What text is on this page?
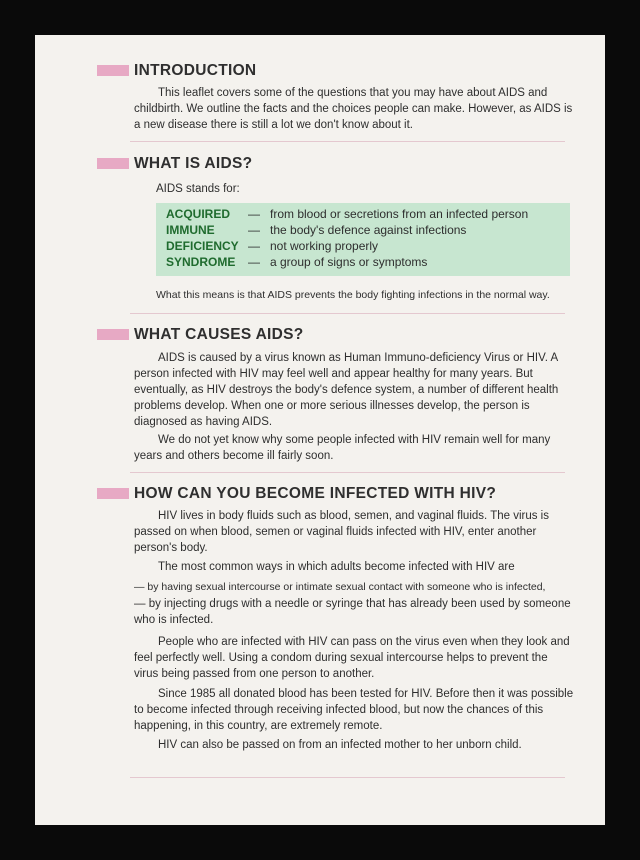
INTRODUCTION

This leaflet covers some of the questions that you may have about AIDS and childbirth. We outline the facts and the choices people can make. However, as AIDS is a new disease there is still a lot we don't know about it.

WHAT IS AIDS?

AIDS stands for:

ACQUIRED	— from blood or secretions from an infected person
IMMUNE	— the body's defence against infections
DEFICIENCY — not working properly
SYNDROME	— a group of signs or symptoms

What this means is that AIDS prevents the body fighting infections in the normal way.

WHAT CAUSES AIDS?

AIDS is caused by a virus known as Human Immuno-deficiency Virus or HIV. A person infected with HIV may feel well and appear healthy for many years. But eventually, as HIV destroys the body's defence system, a number of different health problems develop. When one or more serious illnesses develop, the person is diagnosed as having AIDS.

We do not yet know why some people infected with HIV remain well for many years and others become ill fairly soon.

HOW CAN YOU BECOME INFECTED WITH HIV?

HIV lives in body fluids such as blood, semen, and vaginal fluids. The virus is passed on when blood, semen or vaginal fluids infected with HIV, enter another person's body.

The most common ways in which adults become infected with HIV are

— by having sexual intercourse or intimate sexual contact with someone who is infected,

— by injecting drugs with a needle or syringe that has already been used by someone who is infected.

People who are infected with HIV can pass on the virus even when they look and feel perfectly well. Using a condom during sexual intercourse helps to prevent the virus being passed from one person to another.

Since 1985 all donated blood has been tested for HIV. Before then it was possible to become infected through receiving infected blood, but now the chances of this happening, in this country, are extremely remote.

HIV can also be passed on from an infected mother to her unborn child.
